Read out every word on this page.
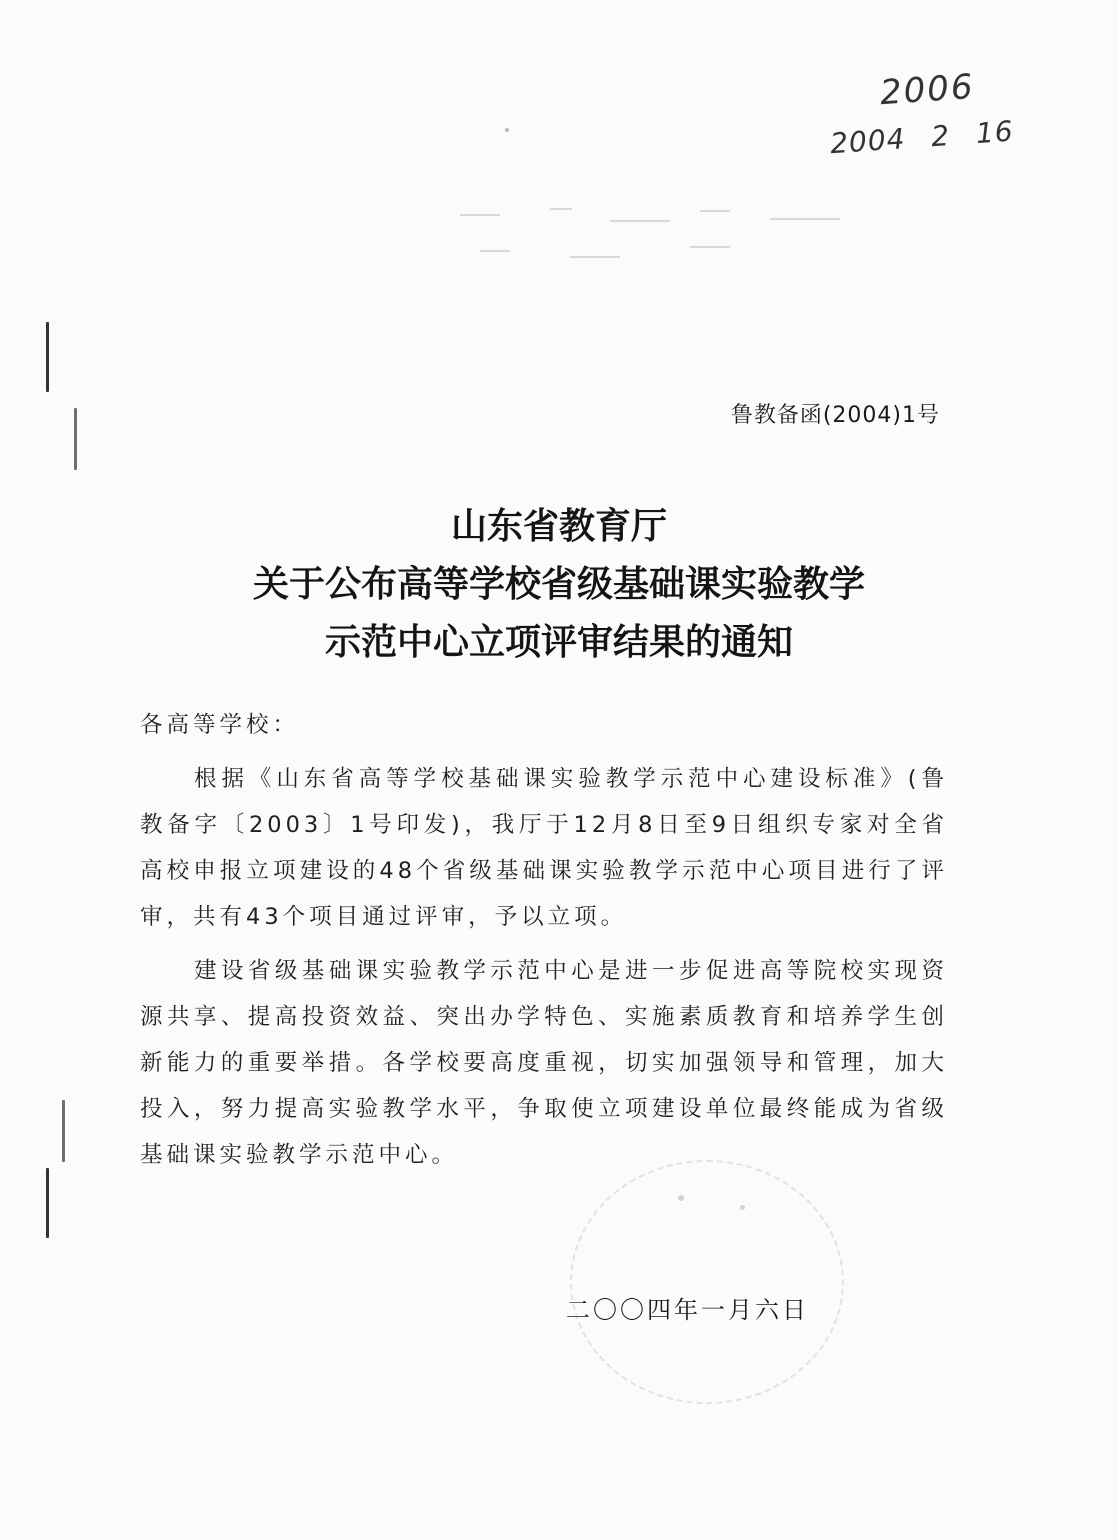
2006
2004 2 16
鲁教备函(2004)1号
山东省教育厅
关于公布高等学校省级基础课实验教学
示范中心立项评审结果的通知

各高等学校：

根据《山东省高等学校基础课实验教学示范中心建设标准》(鲁教备字〔2003〕1号印发)，我厅于12月8日至9日组织专家对全省高校申报立项建设的48个省级基础课实验教学示范中心项目进行了评审，共有43个项目通过评审，予以立项。

建设省级基础课实验教学示范中心是进一步促进高等院校实现资源共享、提高投资效益、突出办学特色、实施素质教育和培养学生创新能力的重要举措。各学校要高度重视，切实加强领导和管理，加大投入，努力提高实验教学水平，争取使立项建设单位最终能成为省级基础课实验教学示范中心。

二〇〇四年一月六日
